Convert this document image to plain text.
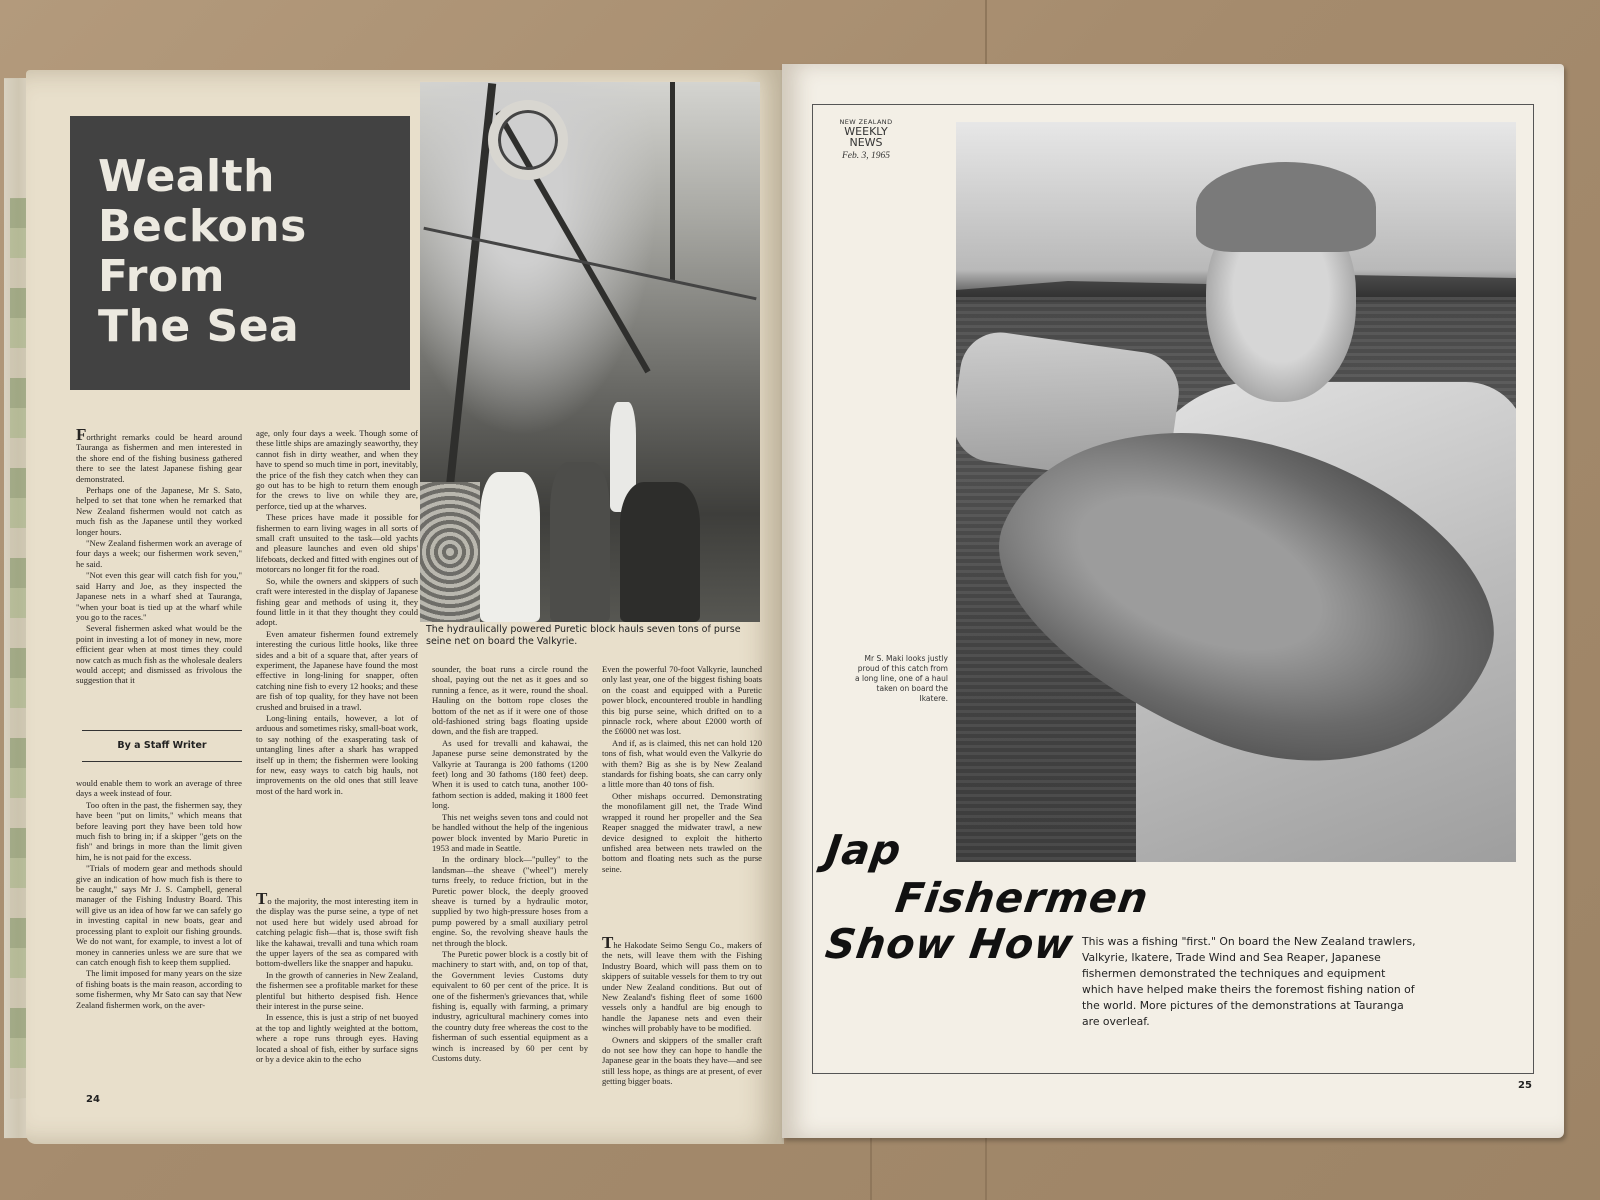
Wealth
Beckons
From
The Sea
The hydraulically powered Puretic block hauls seven tons of purse seine net on board the Valkyrie.

Forthright remarks could be heard around Tauranga as fishermen and men interested in the shore end of the fishing business gathered there to see the latest Japanese fishing gear demonstrated.

Perhaps one of the Japanese, Mr S. Sato, helped to set that tone when he remarked that New Zealand fishermen would not catch as much fish as the Japanese until they worked longer hours.

"New Zealand fishermen work an average of four days a week; our fishermen work seven," he said.

"Not even this gear will catch fish for you," said Harry and Joe, as they inspected the Japanese nets in a wharf shed at Tauranga, "when your boat is tied up at the wharf while you go to the races."

Several fishermen asked what would be the point in investing a lot of money in new, more efficient gear when at most times they could now catch as much fish as the wholesale dealers would accept; and dismissed as frivolous the suggestion that it

By a Staff Writer

would enable them to work an average of three days a week instead of four.

Too often in the past, the fishermen say, they have been "put on limits," which means that before leaving port they have been told how much fish to bring in; if a skipper "gets on the fish" and brings in more than the limit given him, he is not paid for the excess.

"Trials of modern gear and methods should give an indication of how much fish is there to be caught," says Mr J. S. Campbell, general manager of the Fishing Industry Board. This will give us an idea of how far we can safely go in investing capital in new boats, gear and processing plant to exploit our fishing grounds. We do not want, for example, to invest a lot of money in canneries unless we are sure that we can catch enough fish to keep them supplied.

The limit imposed for many years on the size of fishing boats is the main reason, according to some fishermen, why Mr Sato can say that New Zealand fishermen work, on the aver-

age, only four days a week. Though some of these little ships are amazingly seaworthy, they cannot fish in dirty weather, and when they have to spend so much time in port, inevitably, the price of the fish they catch when they can go out has to be high to return them enough for the crews to live on while they are, perforce, tied up at the wharves.

These prices have made it possible for fishermen to earn living wages in all sorts of small craft unsuited to the task—old yachts and pleasure launches and even old ships' lifeboats, decked and fitted with engines out of motorcars no longer fit for the road.

So, while the owners and skippers of such craft were interested in the display of Japanese fishing gear and methods of using it, they found little in it that they thought they could adopt.

Even amateur fishermen found extremely interesting the curious little hooks, like three sides and a bit of a square that, after years of experiment, the Japanese have found the most effective in long-lining for snapper, often catching nine fish to every 12 hooks; and these are fish of top quality, for they have not been crushed and bruised in a trawl.

Long-lining entails, however, a lot of arduous and sometimes risky, small-boat work, to say nothing of the exasperating task of untangling lines after a shark has wrapped itself up in them; the fishermen were looking for new, easy ways to catch big hauls, not improvements on the old ones that still leave most of the hard work in.

To the majority, the most interesting item in the display was the purse seine, a type of net not used here but widely used abroad for catching pelagic fish—that is, those swift fish like the kahawai, trevalli and tuna which roam the upper layers of the sea as compared with bottom-dwellers like the snapper and hapuku.

In the growth of canneries in New Zealand, the fishermen see a profitable market for these plentiful but hitherto despised fish. Hence their interest in the purse seine.

In essence, this is just a strip of net buoyed at the top and lightly weighted at the bottom, where a rope runs through eyes. Having located a shoal of fish, either by surface signs or by a device akin to the echo

sounder, the boat runs a circle round the shoal, paying out the net as it goes and so running a fence, as it were, round the shoal. Hauling on the bottom rope closes the bottom of the net as if it were one of those old-fashioned string bags floating upside down, and the fish are trapped.

As used for trevalli and kahawai, the Japanese purse seine demonstrated by the Valkyrie at Tauranga is 200 fathoms (1200 feet) long and 30 fathoms (180 feet) deep. When it is used to catch tuna, another 100-fathom section is added, making it 1800 feet long.

This net weighs seven tons and could not be handled without the help of the ingenious power block invented by Mario Puretic in 1953 and made in Seattle.

In the ordinary block—"pulley" to the landsman—the sheave ("wheel") merely turns freely, to reduce friction, but in the Puretic power block, the deeply grooved sheave is turned by a hydraulic motor, supplied by two high-pressure hoses from a pump powered by a small auxiliary petrol engine. So, the revolving sheave hauls the net through the block.

The Puretic power block is a costly bit of machinery to start with, and, on top of that, the Government levies Customs duty equivalent to 60 per cent of the price. It is one of the fishermen's grievances that, while fishing is, equally with farming, a primary industry, agricultural machinery comes into the country duty free whereas the cost to the fisherman of such essential equipment as a winch is increased by 60 per cent by Customs duty.

Even the powerful 70-foot Valkyrie, launched only last year, one of the biggest fishing boats on the coast and equipped with a Puretic power block, encountered trouble in handling this big purse seine, which drifted on to a pinnacle rock, where about £2000 worth of the £6000 net was lost.

And if, as is claimed, this net can hold 120 tons of fish, what would even the Valkyrie do with them? Big as she is by New Zealand standards for fishing boats, she can carry only a little more than 40 tons of fish.

Other mishaps occurred. Demonstrating the monofilament gill net, the Trade Wind wrapped it round her propeller and the Sea Reaper snagged the midwater trawl, a new device designed to exploit the hitherto unfished area between nets trawled on the bottom and floating nets such as the purse seine.

The Hakodate Seimo Sengu Co., makers of the nets, will leave them with the Fishing Industry Board, which will pass them on to skippers of suitable vessels for them to try out under New Zealand conditions. But out of New Zealand's fishing fleet of some 1600 vessels only a handful are big enough to handle the Japanese nets and even their winches will probably have to be modified.

Owners and skippers of the smaller craft do not see how they can hope to handle the Japanese gear in the boats they have—and see still less hope, as things are at present, of ever getting bigger boats.

24
NEW ZEALAND
WEEKLY
NEWS
Feb. 3, 1965
Mr S. Maki looks justly proud of this catch from a long line, one of a haul taken on board the Ikatere.
Jap
Fishermen
Show How This was a fishing "first." On board the New Zealand trawlers, Valkyrie, Ikatere, Trade Wind and Sea Reaper, Japanese fishermen demonstrated the techniques and equipment which have helped make theirs the foremost fishing nation of the world. More pictures of the demonstrations at Tauranga are overleaf.
25
